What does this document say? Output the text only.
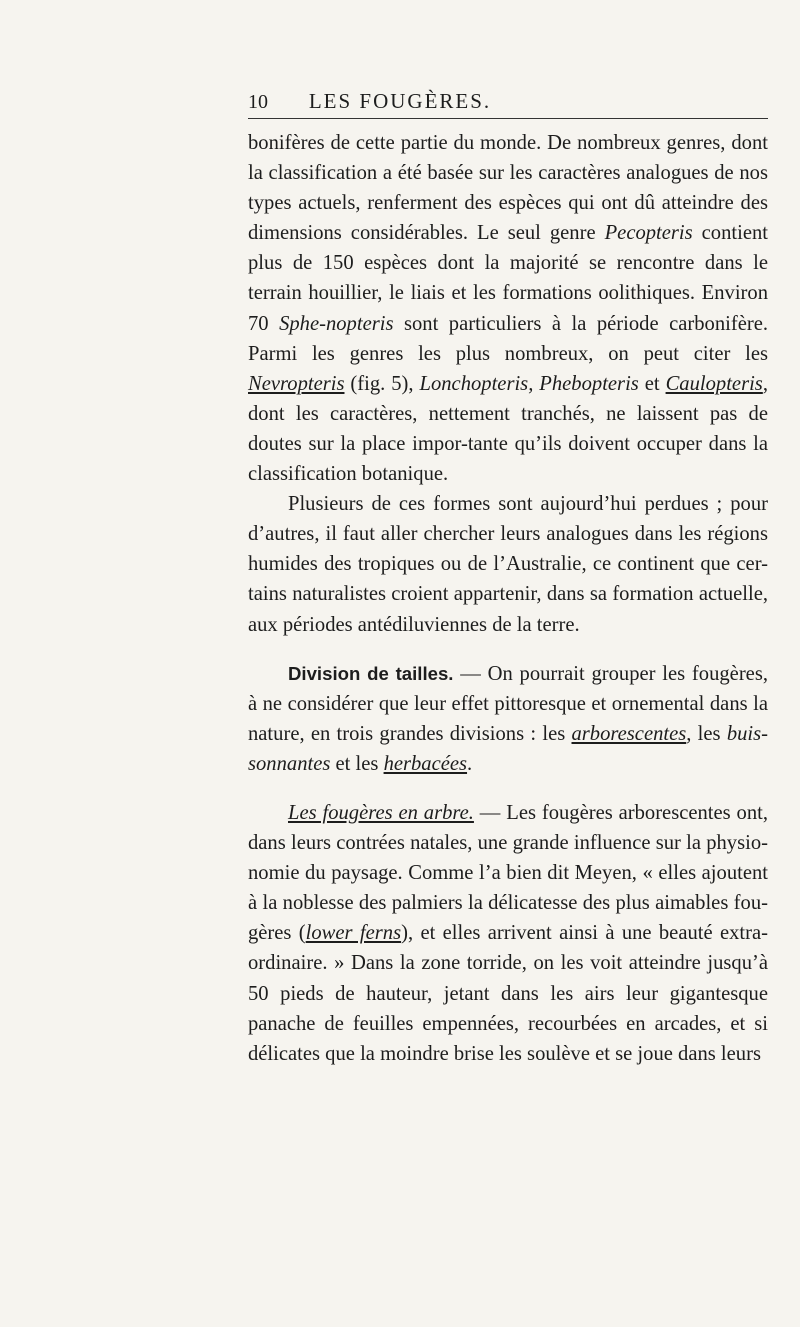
10	LES FOUGÈRES.

bonifères de cette partie du monde. De nombreux genres, dont la classification a été basée sur les caractères analogues de nos types actuels, renferment des espèces qui ont dû atteindre des dimensions considérables. Le seul genre Pecopteris contient plus de 150 espèces dont la majorité se rencontre dans le terrain houillier, le liais et les formations oolithiques. Environ 70 Sphe-nopteris sont particuliers à la période carbonifère. Parmi les genres les plus nombreux, on peut citer les Nevropteris (fig. 5), Lonchopteris, Phebopteris et Caulopteris, dont les caractères, nettement tranchés, ne laissent pas de doutes sur la place impor-tante qu’ils doivent occuper dans la classification botanique.

Plusieurs de ces formes sont aujourd’hui perdues ; pour d’autres, il faut aller chercher leurs analogues dans les régions humides des tropiques ou de l’Australie, ce continent que cer-tains naturalistes croient appartenir, dans sa formation actuelle, aux périodes antédiluviennes de la terre.

Division de tailles. — On pourrait grouper les fougères, à ne considérer que leur effet pittoresque et ornemental dans la nature, en trois grandes divisions : les arborescentes, les buis-sonnantes et les herbacées.

Les fougères en arbre. — Les fougères arborescentes ont, dans leurs contrées natales, une grande influence sur la physio-nomie du paysage. Comme l’a bien dit Meyen, « elles ajoutent à la noblesse des palmiers la délicatesse des plus aimables fou-gères (lower ferns), et elles arrivent ainsi à une beauté extra-ordinaire. » Dans la zone torride, on les voit atteindre jusqu’à 50 pieds de hauteur, jetant dans les airs leur gigantesque panache de feuilles empennées, recourbées en arcades, et si délicates que la moindre brise les soulève et se joue dans leurs
